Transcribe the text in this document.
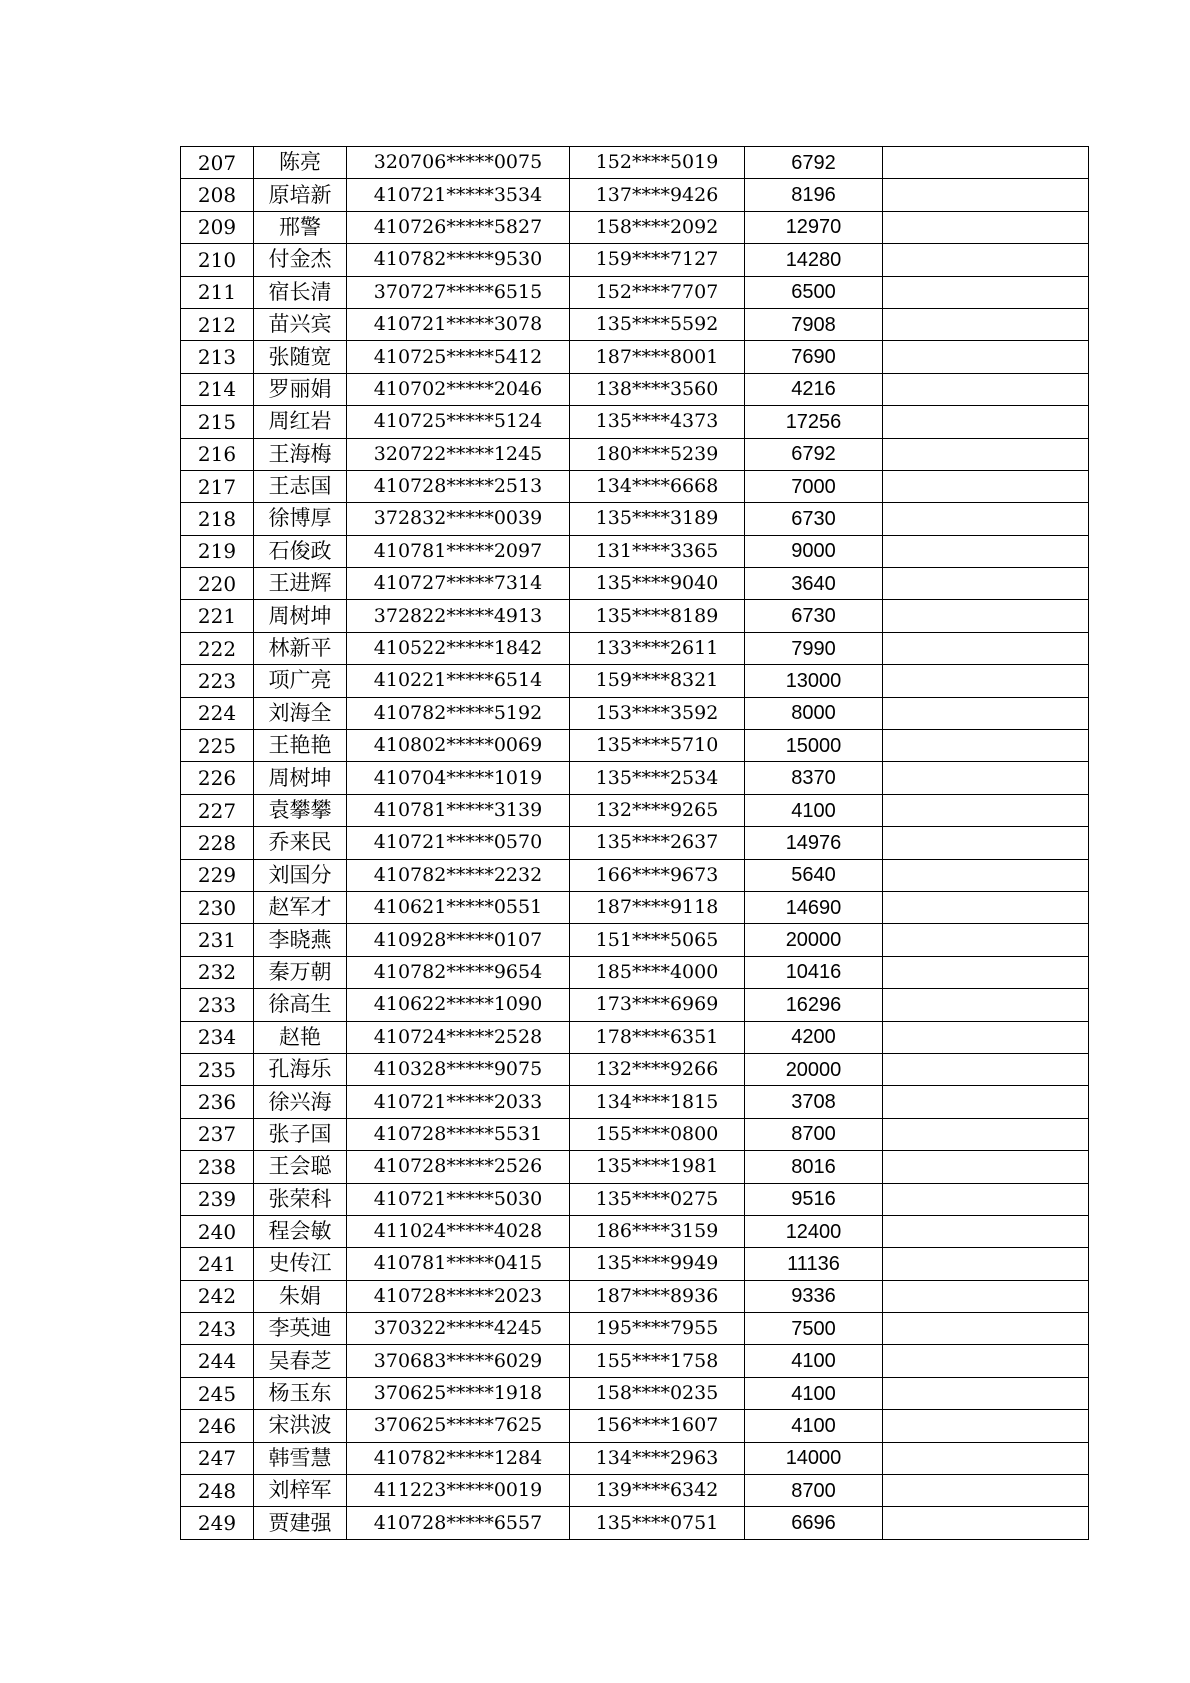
207	陈亮	320706*****0075	152****5019	6792	
208	原培新	410721*****3534	137****9426	8196	
209	邢警	410726*****5827	158****2092	12970	
210	付金杰	410782*****9530	159****7127	14280	
211	宿长清	370727*****6515	152****7707	6500	
212	苗兴宾	410721*****3078	135****5592	7908	
213	张随宽	410725*****5412	187****8001	7690	
214	罗丽娟	410702*****2046	138****3560	4216	
215	周红岩	410725*****5124	135****4373	17256	
216	王海梅	320722*****1245	180****5239	6792	
217	王志国	410728*****2513	134****6668	7000	
218	徐博厚	372832*****0039	135****3189	6730	
219	石俊政	410781*****2097	131****3365	9000	
220	王进辉	410727*****7314	135****9040	3640	
221	周树坤	372822*****4913	135****8189	6730	
222	林新平	410522*****1842	133****2611	7990	
223	项广亮	410221*****6514	159****8321	13000	
224	刘海全	410782*****5192	153****3592	8000	
225	王艳艳	410802*****0069	135****5710	15000	
226	周树坤	410704*****1019	135****2534	8370	
227	袁攀攀	410781*****3139	132****9265	4100	
228	乔来民	410721*****0570	135****2637	14976	
229	刘国分	410782*****2232	166****9673	5640	
230	赵军才	410621*****0551	187****9118	14690	
231	李晓燕	410928*****0107	151****5065	20000	
232	秦万朝	410782*****9654	185****4000	10416	
233	徐高生	410622*****1090	173****6969	16296	
234	赵艳	410724*****2528	178****6351	4200	
235	孔海乐	410328*****9075	132****9266	20000	
236	徐兴海	410721*****2033	134****1815	3708	
237	张子国	410728*****5531	155****0800	8700	
238	王会聪	410728*****2526	135****1981	8016	
239	张荣科	410721*****5030	135****0275	9516	
240	程会敏	411024*****4028	186****3159	12400	
241	史传江	410781*****0415	135****9949	11136	
242	朱娟	410728*****2023	187****8936	9336	
243	李英迪	370322*****4245	195****7955	7500	
244	吴春芝	370683*****6029	155****1758	4100	
245	杨玉东	370625*****1918	158****0235	4100	
246	宋洪波	370625*****7625	156****1607	4100	
247	韩雪慧	410782*****1284	134****2963	14000	
248	刘梓军	411223*****0019	139****6342	8700	
249	贾建强	410728*****6557	135****0751	6696	
